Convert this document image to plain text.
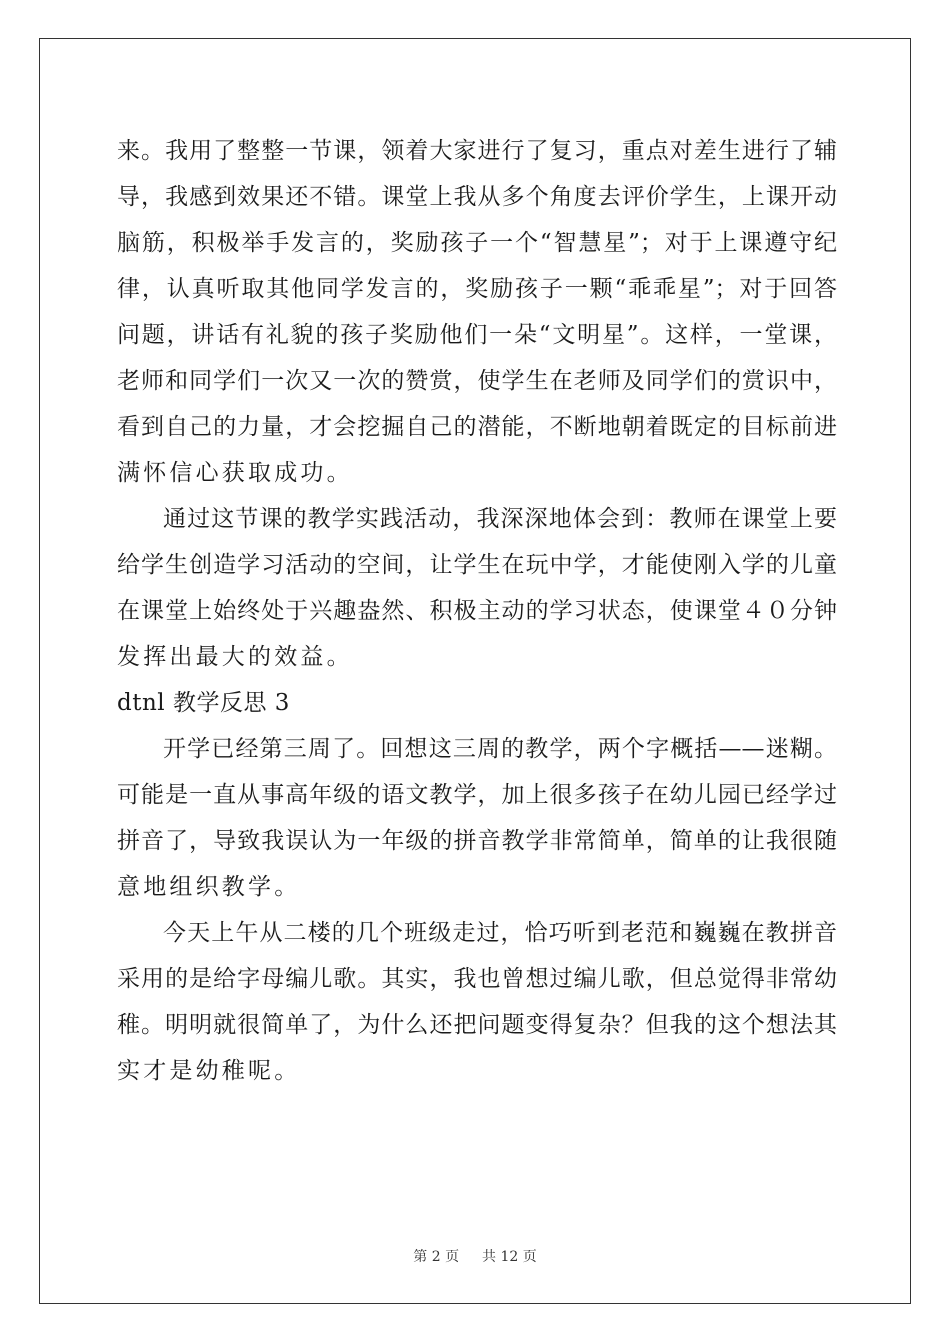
来。我用了整整一节课，领着大家进行了复习，重点对差生进行了辅
导，我感到效果还不错。课堂上我从多个角度去评价学生，上课开动
脑筋，积极举手发言的，奖励孩子一个“智慧星”；对于上课遵守纪
律，认真听取其他同学发言的，奖励孩子一颗“乖乖星”；对于回答
问题，讲话有礼貌的孩子奖励他们一朵“文明星”。这样，一堂课，
老师和同学们一次又一次的赞赏，使学生在老师及同学们的赏识中，
看到自己的力量，才会挖掘自己的潜能，不断地朝着既定的目标前进
满怀信心获取成功。
通过这节课的教学实践活动，我深深地体会到：教师在课堂上要
给学生创造学习活动的空间，让学生在玩中学，才能使刚入学的儿童
在课堂上始终处于兴趣盎然、积极主动的学习状态，使课堂４０分钟
发挥出最大的效益。
dtnl 教学反思 3
开学已经第三周了。回想这三周的教学，两个字概括——迷糊。
可能是一直从事高年级的语文教学，加上很多孩子在幼儿园已经学过
拼音了，导致我误认为一年级的拼音教学非常简单，简单的让我很随
意地组织教学。
今天上午从二楼的几个班级走过，恰巧听到老范和巍巍在教拼音
采用的是给字母编儿歌。其实，我也曾想过编儿歌，但总觉得非常幼
稚。明明就很简单了，为什么还把问题变得复杂？但我的这个想法其
实才是幼稚呢。
第 2 页 共 12 页
